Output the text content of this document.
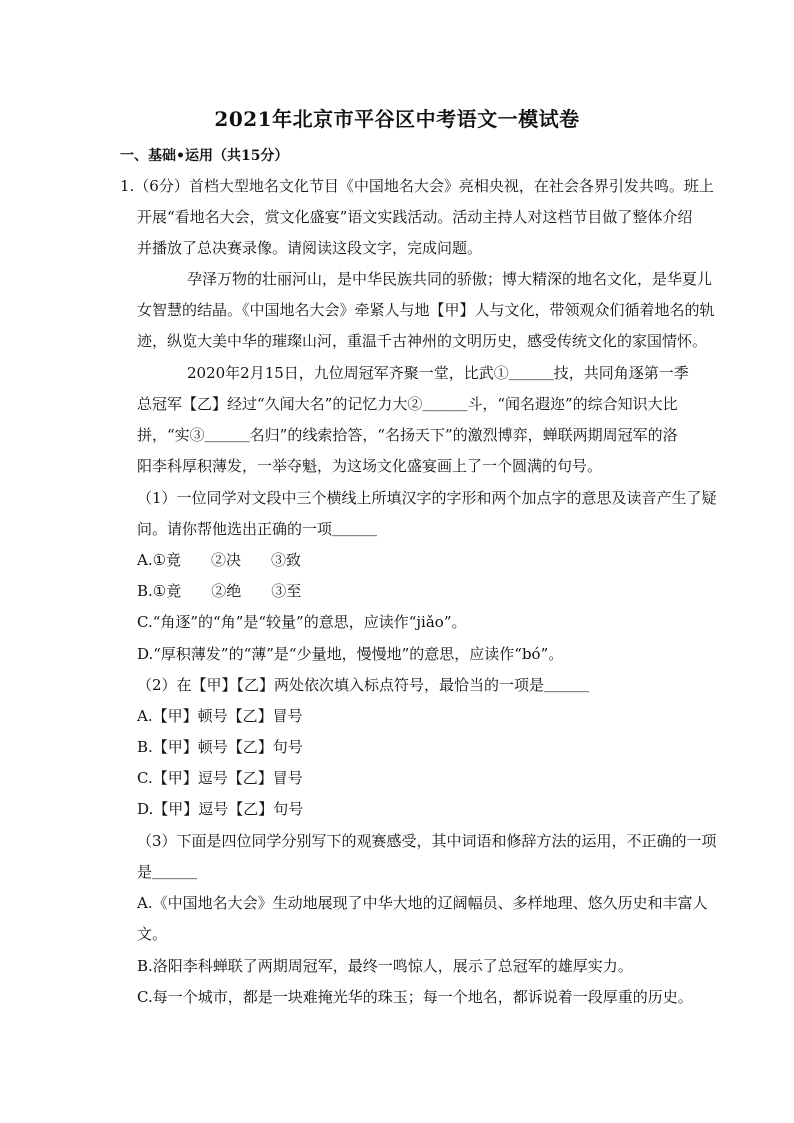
2021年北京市平谷区中考语文一模试卷
一、基础•运用（共15分）
1.（6分）首档大型地名文化节目《中国地名大会》亮相央视，在社会各界引发共鸣。班上
开展“看地名大会，赏文化盛宴”语文实践活动。活动主持人对这档节目做了整体介绍
并播放了总决赛录像。请阅读这段文字，完成问题。
孕泽万物的壮丽河山，是中华民族共同的骄傲；博大精深的地名文化，是华夏儿
女智慧的结晶。《中国地名大会》牵紧人与地【甲】人与文化，带领观众们循着地名的轨
迹，纵览大美中华的璀璨山河，重温千古神州的文明历史，感受传统文化的家国情怀。
2020年2月15日，九位周冠军齐聚一堂，比武①＿＿＿技，共同角逐第一季
总冠军【乙】经过“久闻大名”的记忆力大②＿＿＿斗，“闻名遐迩”的综合知识大比
拼，“实③＿＿＿名归”的线索拾答，“名扬天下”的激烈博弈，蝉联两期周冠军的洛
阳李科厚积薄发，一举夺魁，为这场文化盛宴画上了一个圆满的句号。
（1）一位同学对文段中三个横线上所填汉字的字形和两个加点字的意思及读音产生了疑
问。请你帮他选出正确的一项＿＿＿
A.①竟　　②决　　③致
B.①竟　　②绝　　③至
C.“角逐”的“角”是“较量”的意思，应读作“jiǎo”。
D.“厚积薄发”的“薄”是“少量地，慢慢地”的意思，应读作“bó”。
（2）在【甲】【乙】两处依次填入标点符号，最恰当的一项是＿＿＿
A.【甲】顿号【乙】冒号
B.【甲】顿号【乙】句号
C.【甲】逗号【乙】冒号
D.【甲】逗号【乙】句号
（3）下面是四位同学分别写下的观赛感受，其中词语和修辞方法的运用，不正确的一项
是＿＿＿
A.《中国地名大会》生动地展现了中华大地的辽阔幅员、多样地理、悠久历史和丰富人
文。
B.洛阳李科蝉联了两期周冠军，最终一鸣惊人，展示了总冠军的雄厚实力。
C.每一个城市，都是一块难掩光华的珠玉；每一个地名，都诉说着一段厚重的历史。
